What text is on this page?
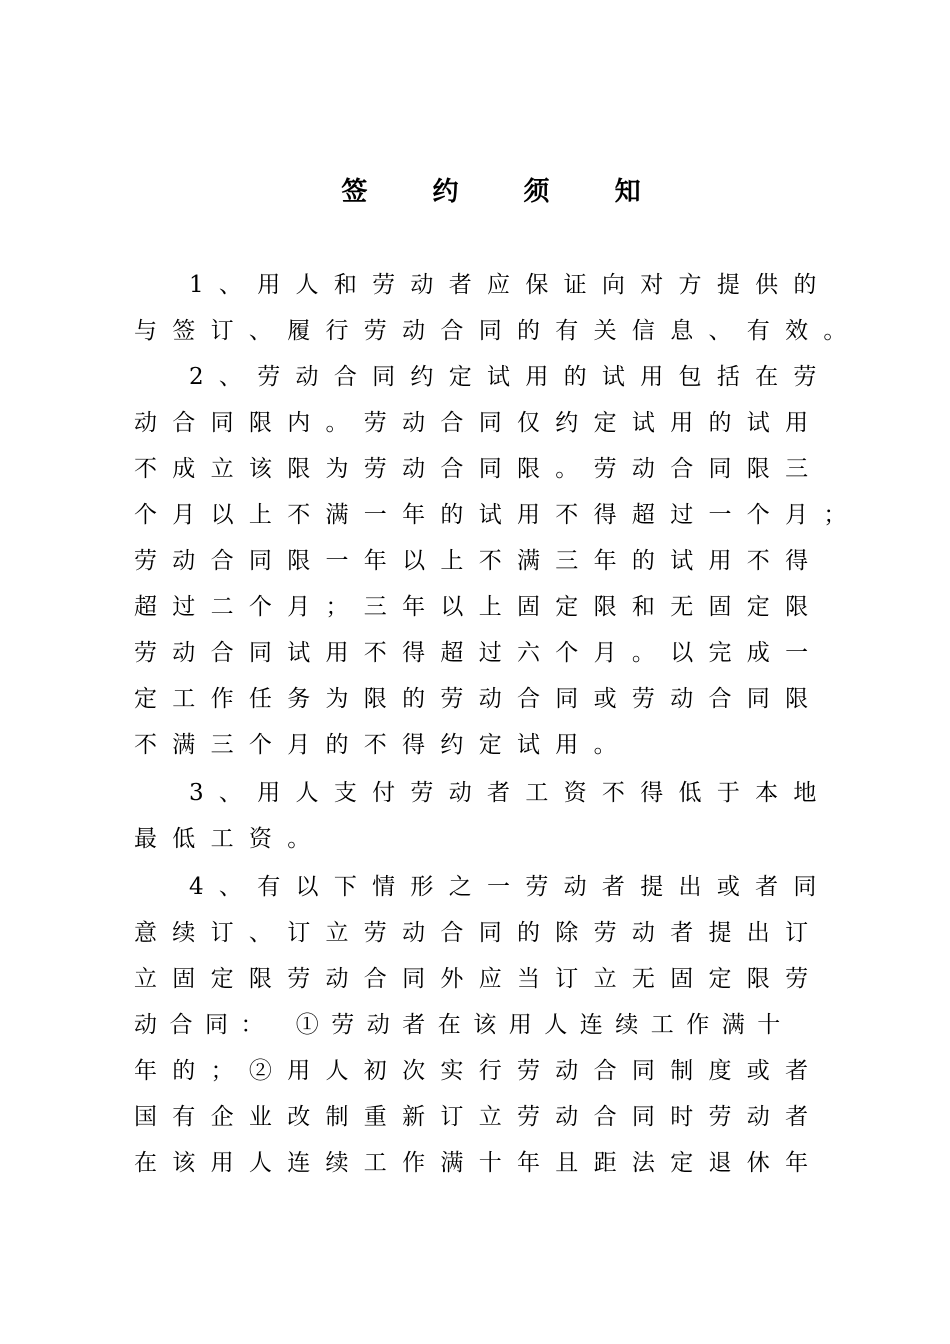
签 约 须 知
1、用人和劳动者应保证向对方提供的
与签订、履行劳动合同的有关信息、有效。
2、劳动合同约定试用的试用包括在劳
动合同限内。劳动合同仅约定试用的试用
不成立该限为劳动合同限。劳动合同限三
个月以上不满一年的试用不得超过一个月；
劳动合同限一年以上不满三年的试用不得
超过二个月；三年以上固定限和无固定限
劳动合同试用不得超过六个月。以完成一
定工作任务为限的劳动合同或劳动合同限
不满三个月的不得约定试用。
3、用人支付劳动者工资不得低于本地
最低工资。
4、有以下情形之一劳动者提出或者同
意续订、订立劳动合同的除劳动者提出订
立固定限劳动合同外应当订立无固定限劳
动合同： ①劳动者在该用人连续工作满十
年的；②用人初次实行劳动合同制度或者
国有企业改制重新订立劳动合同时劳动者
在该用人连续工作满十年且距法定退休年
